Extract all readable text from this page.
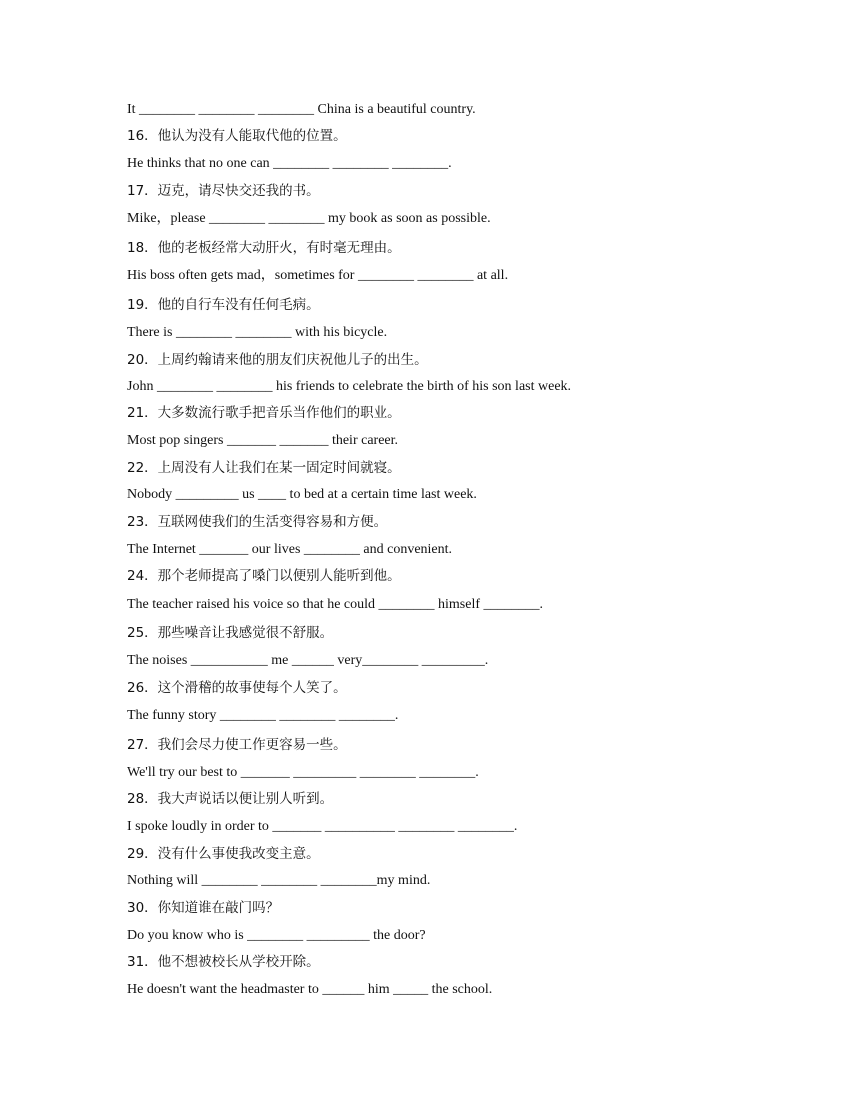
It ________ ________ ________ China is a beautiful country.
16．他认为没有人能取代他的位置。
He thinks that no one can ________ ________ ________.
17．迈克，请尽快交还我的书。
Mike，please ________ ________ my book as soon as possible.
18．他的老板经常大动肝火，有时毫无理由。
His boss often gets mad，sometimes for ________ ________ at all.
19．他的自行车没有任何毛病。
There is ________ ________ with his bicycle.
20．上周约翰请来他的朋友们庆祝他儿子的出生。
John ________ ________ his friends to celebrate the birth of his son last week.
21．大多数流行歌手把音乐当作他们的职业。
Most pop singers _______ _______ their career.
22．上周没有人让我们在某一固定时间就寝。
Nobody _________ us ____ to bed at a certain time last week.
23．互联网使我们的生活变得容易和方便。
The Internet _______ our lives ________ and convenient.
24．那个老师提高了嗓门以便别人能听到他。
The teacher raised his voice so that he could ________ himself ________.
25．那些噪音让我感觉很不舒服。
The noises ___________ me ______ very________ _________.
26．这个滑稽的故事使每个人笑了。
The funny story ________ ________ ________.
27．我们会尽力使工作更容易一些。
We'll try our best to _______ _________ ________ ________.
28．我大声说话以便让别人听到。
I spoke loudly in order to _______ __________ ________ ________.
29．没有什么事使我改变主意。
Nothing will ________ ________ ________my mind.
30．你知道谁在敲门吗？
Do you know who is ________ _________ the door?
31．他不想被校长从学校开除。
He doesn't want the headmaster to ______ him _____ the school.
